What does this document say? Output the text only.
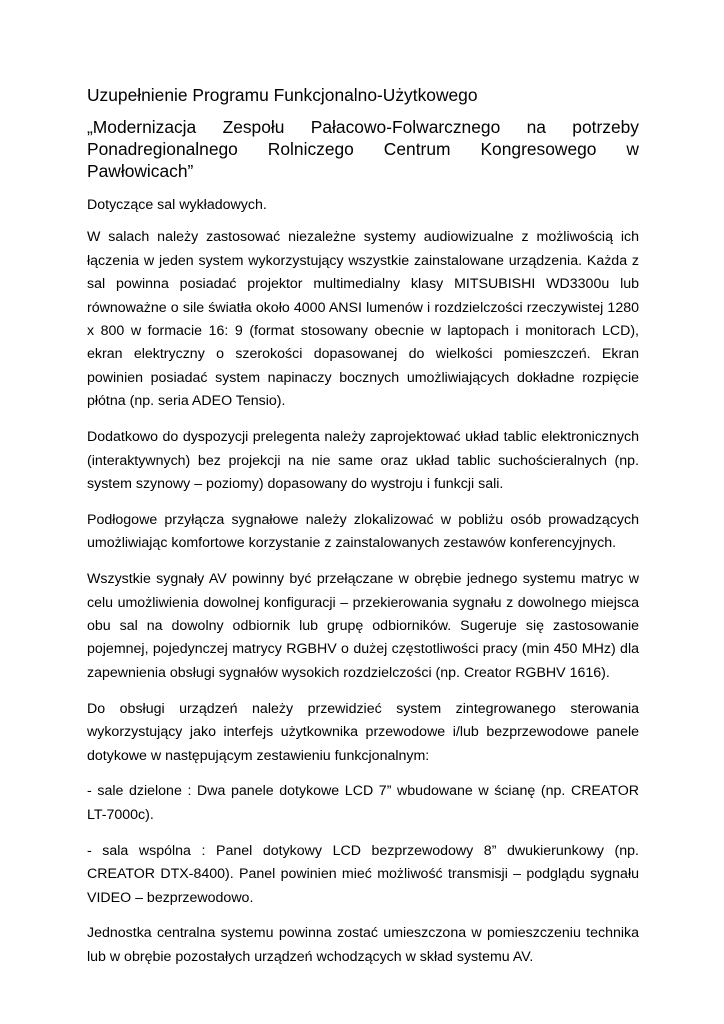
Uzupełnienie Programu Funkcjonalno-Użytkowego
„Modernizacja Zespołu Pałacowo-Folwarcznego na potrzeby
Ponadregionalnego Rolniczego Centrum Kongresowego w Pawłowicach”

Dotyczące sal wykładowych.

W salach należy zastosować niezależne systemy audiowizualne z możliwością ich łączenia w jeden system wykorzystujący wszystkie zainstalowane urządzenia. Każda z sal powinna posiadać projektor multimedialny klasy MITSUBISHI WD3300u lub równoważne o sile światła około 4000 ANSI lumenów i rozdzielczości rzeczywistej 1280 x 800 w formacie 16: 9 (format stosowany obecnie w laptopach i monitorach LCD), ekran elektryczny o szerokości dopasowanej do wielkości pomieszczeń. Ekran powinien posiadać system napinaczy bocznych umożliwiających dokładne rozpięcie płótna (np. seria ADEO Tensio).

Dodatkowo do dyspozycji prelegenta należy zaprojektować układ tablic elektronicznych (interaktywnych) bez projekcji na nie same oraz układ tablic suchościeralnych (np. system szynowy – poziomy) dopasowany do wystroju i funkcji sali.

Podłogowe przyłącza sygnałowe należy zlokalizować w pobliżu osób prowadzących umożliwiając komfortowe korzystanie z zainstalowanych zestawów konferencyjnych.

Wszystkie sygnały AV powinny być przełączane w obrębie jednego systemu matryc w celu umożliwienia dowolnej konfiguracji – przekierowania sygnału z dowolnego miejsca obu sal na dowolny odbiornik lub grupę odbiorników. Sugeruje się zastosowanie pojemnej, pojedynczej matrycy RGBHV o dużej częstotliwości pracy (min 450 MHz) dla zapewnienia obsługi sygnałów wysokich rozdzielczości (np. Creator RGBHV 1616).

Do obsługi urządzeń należy przewidzieć system zintegrowanego sterowania wykorzystujący jako interfejs użytkownika przewodowe i/lub bezprzewodowe panele dotykowe w następującym zestawieniu funkcjonalnym:

- sale dzielone : Dwa panele dotykowe LCD 7” wbudowane w ścianę (np. CREATOR LT-7000c).

- sala wspólna : Panel dotykowy LCD bezprzewodowy 8” dwukierunkowy (np. CREATOR DTX-8400). Panel powinien mieć możliwość transmisji – podglądu sygnału VIDEO – bezprzewodowo.

Jednostka centralna systemu powinna zostać umieszczona w pomieszczeniu technika lub w obrębie pozostałych urządzeń wchodzących w skład systemu AV.
